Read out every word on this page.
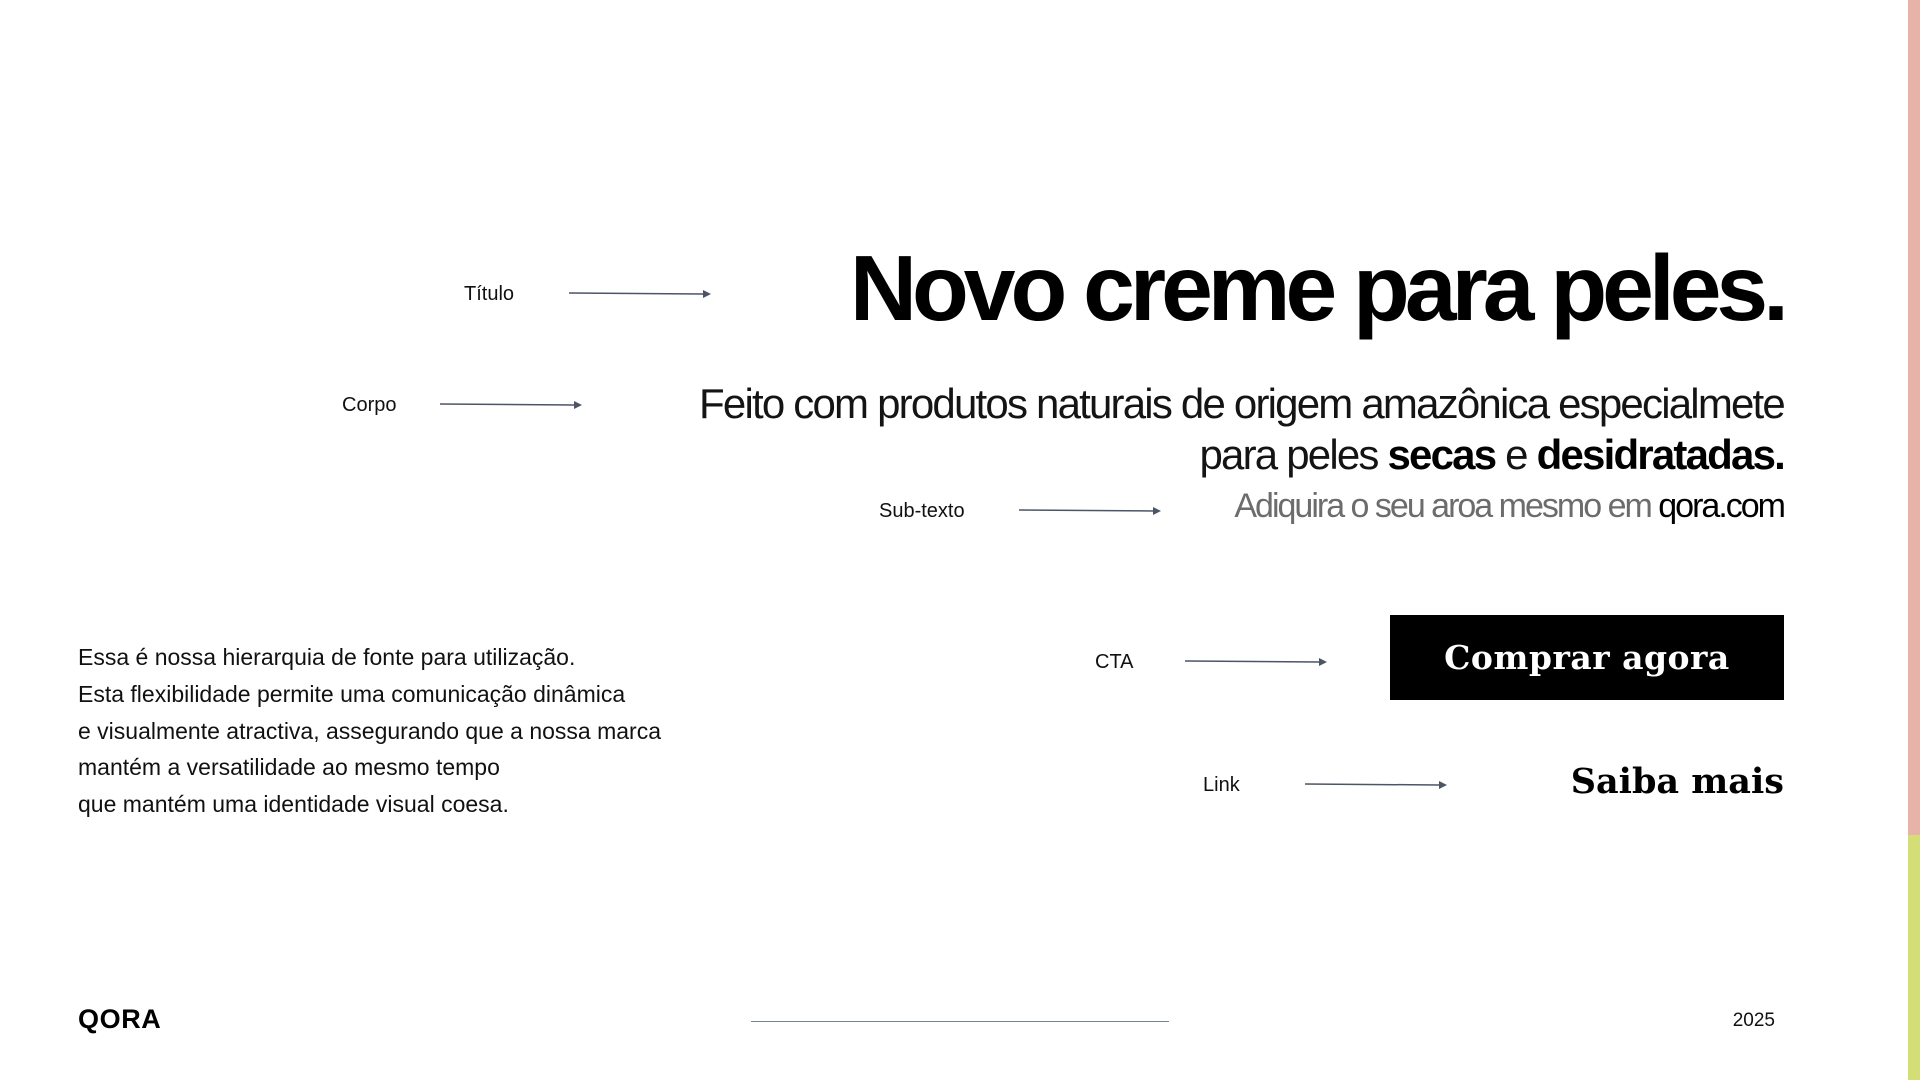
Título
Corpo
Sub-texto
CTA
Link
Novo creme para peles.

Feito com produtos naturais de origem amazônica especialmete
para peles secas e desidratadas.

Adiquira o seu aroa mesmo em qora.com

Comprar agora
Saiba mais

Essa é nossa hierarquia de fonte para utilização.
Esta flexibilidade permite uma comunicação dinâmica
e visualmente atractiva, assegurando que a nossa marca
mantém a versatilidade ao mesmo tempo
que mantém uma identidade visual coesa.

QORA	2025
